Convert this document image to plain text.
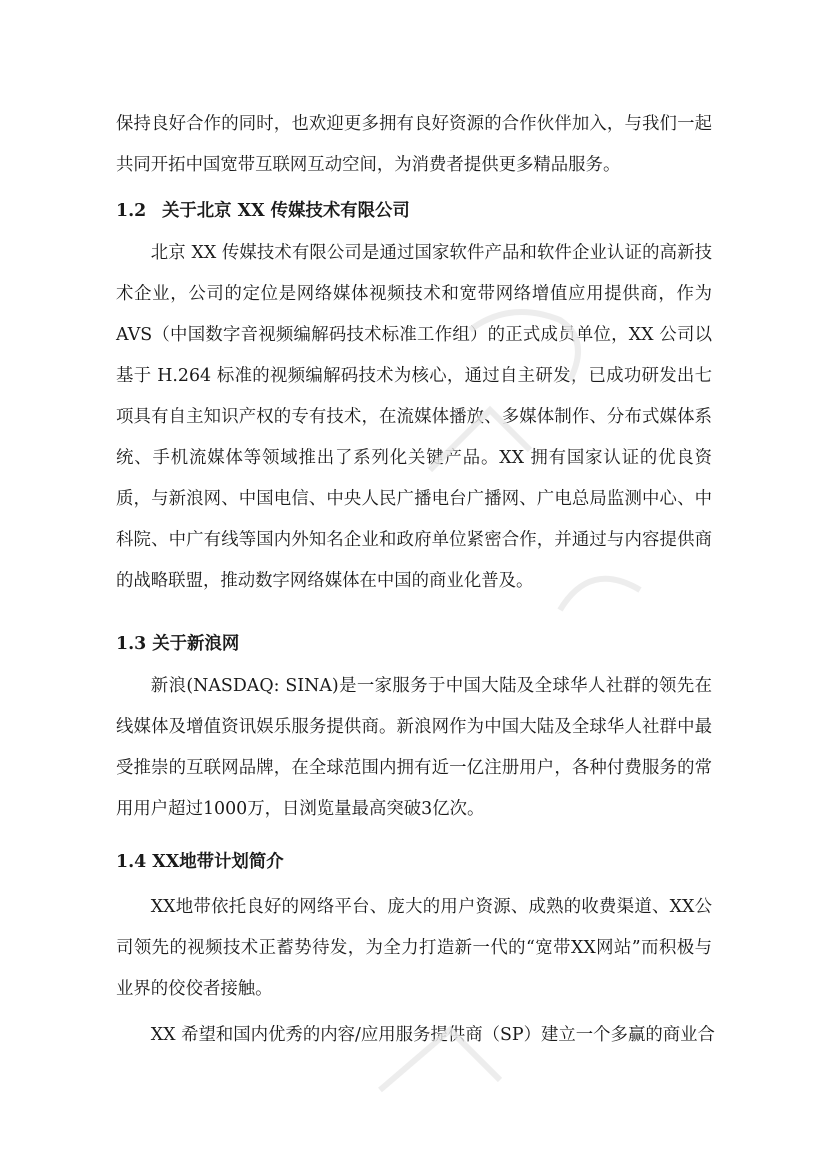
保持良好合作的同时，也欢迎更多拥有良好资源的合作伙伴加入，与我们一起共同开拓中国宽带互联网互动空间，为消费者提供更多精品服务。

1.2 关于北京 XX 传媒技术有限公司

北京 XX 传媒技术有限公司是通过国家软件产品和软件企业认证的高新技术企业，公司的定位是网络媒体视频技术和宽带网络增值应用提供商，作为 AVS（中国数字音视频编解码技术标准工作组）的正式成员单位，XX 公司以基于 H.264 标准的视频编解码技术为核心，通过自主研发，已成功研发出七项具有自主知识产权的专有技术，在流媒体播放、多媒体制作、分布式媒体系统、手机流媒体等领域推出了系列化关键产品。XX 拥有国家认证的优良资质，与新浪网、中国电信、中央人民广播电台广播网、广电总局监测中心、中科院、中广有线等国内外知名企业和政府单位紧密合作，并通过与内容提供商的战略联盟，推动数字网络媒体在中国的商业化普及。

1.3 关于新浪网

新浪(NASDAQ: SINA)是一家服务于中国大陆及全球华人社群的领先在线媒体及增值资讯娱乐服务提供商。新浪网作为中国大陆及全球华人社群中最受推崇的互联网品牌，在全球范围内拥有近一亿注册用户，各种付费服务的常用用户超过1000万，日浏览量最高突破3亿次。

1.4 XX地带计划简介

XX地带依托良好的网络平台、庞大的用户资源、成熟的收费渠道、XX公司领先的视频技术正蓄势待发，为全力打造新一代的“宽带XX网站”而积极与业界的佼佼者接触。

XX 希望和国内优秀的内容/应用服务提供商（SP）建立一个多赢的商业合
